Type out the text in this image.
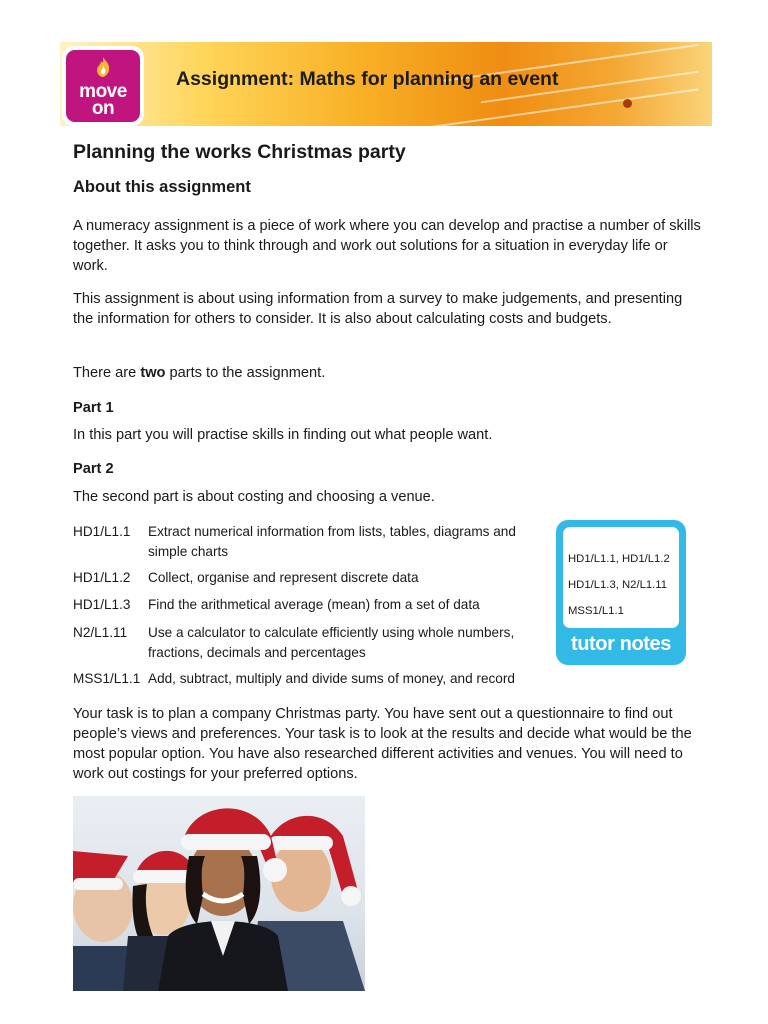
move
on
Assignment: Maths for planning an event
Planning the works Christmas party
About this assignment

A numeracy assignment is a piece of work where you can develop and practise a number of skills together. It asks you to think through and work out solutions for a situation in everyday life or work.

This assignment is about using information from a survey to make judgements, and presenting the information for others to consider. It is also about calculating costs and budgets.

There are two parts to the assignment.

Part 1

In this part you will practise skills in finding out what people want.

Part 2

The second part is about costing and choosing a venue.

HD1/L1.1 Extract numerical information from lists, tables, diagrams and simple charts
HD1/L1.2 Collect, organise and represent discrete data
HD1/L1.3 Find the arithmetical average (mean) from a set of data
N2/L1.11 Use a calculator to calculate efficiently using whole numbers, fractions, decimals and percentages
MSS1/L1.1 Add, subtract, multiply and divide sums of money, and record
HD1/L1.1, HD1/L1.2
HD1/L1.3, N2/L1.11
MSS1/L1.1
tutor notes

Your task is to plan a company Christmas party. You have sent out a questionnaire to find out people’s views and preferences. Your task is to look at the results and decide what would be the most popular option. You have also researched different activities and venues. You will need to work out costings for your preferred options.
